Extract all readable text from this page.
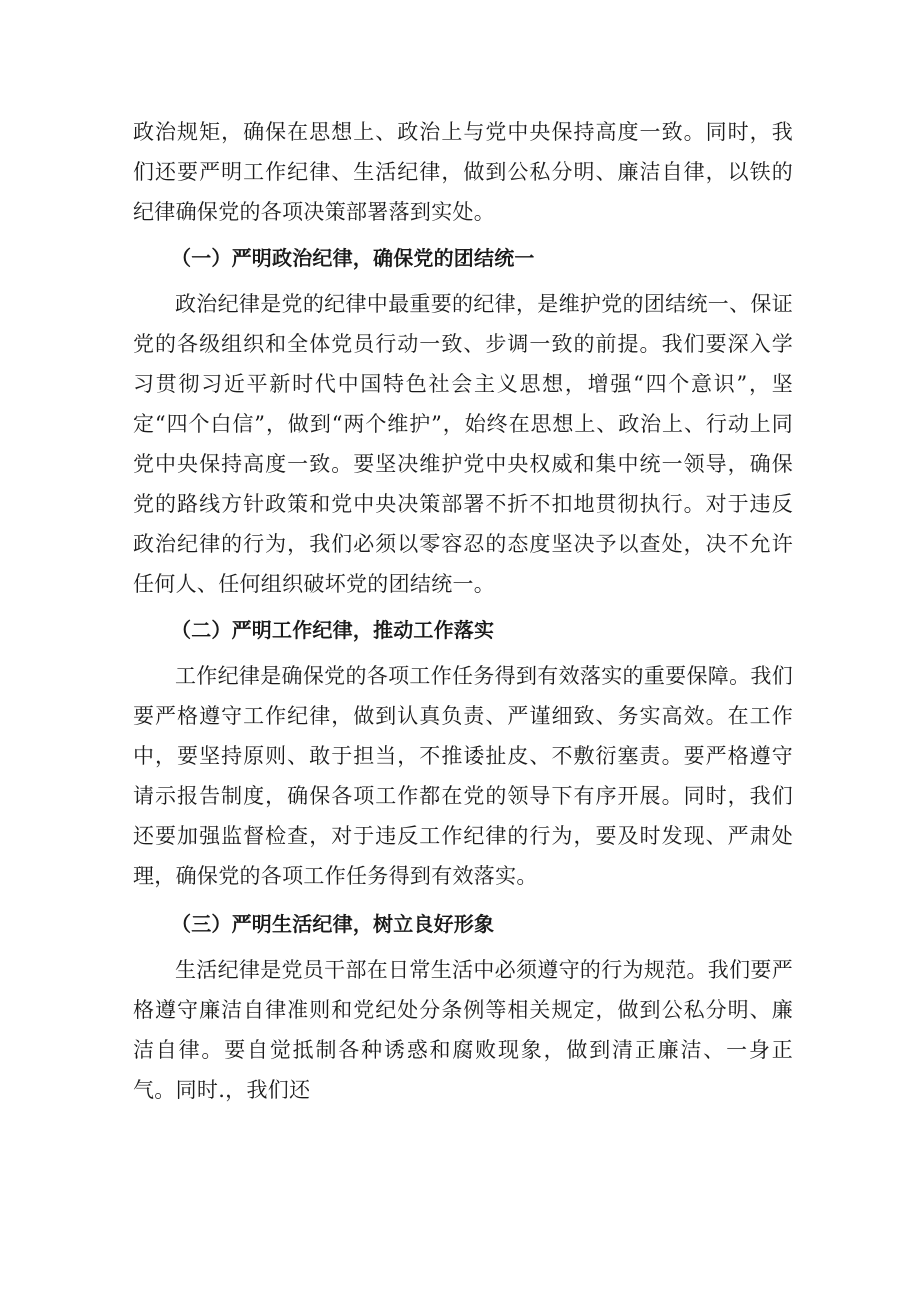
政治规矩，确保在思想上、政治上与党中央保持高度一致。同时，我们还要严明工作纪律、生活纪律，做到公私分明、廉洁自律，以铁的纪律确保党的各项决策部署落到实处。

（一）严明政治纪律，确保党的团结统一

政治纪律是党的纪律中最重要的纪律，是维护党的团结统一、保证党的各级组织和全体党员行动一致、步调一致的前提。我们要深入学习贯彻习近平新时代中国特色社会主义思想，增强“四个意识”，坚定“四个白信”，做到“两个维护”，始终在思想上、政治上、行动上同党中央保持高度一致。要坚决维护党中央权威和集中统一领导，确保党的路线方针政策和党中央决策部署不折不扣地贯彻执行。对于违反政治纪律的行为，我们必须以零容忍的态度坚决予以查处，决不允许任何人、任何组织破坏党的团结统一。

（二）严明工作纪律，推动工作落实

工作纪律是确保党的各项工作任务得到有效落实的重要保障。我们要严格遵守工作纪律，做到认真负责、严谨细致、务实高效。在工作中，要坚持原则、敢于担当，不推诿扯皮、不敷衍塞责。要严格遵守请示报告制度，确保各项工作都在党的领导下有序开展。同时，我们还要加强监督检查，对于违反工作纪律的行为，要及时发现、严肃处理，确保党的各项工作任务得到有效落实。

（三）严明生活纪律，树立良好形象

生活纪律是党员干部在日常生活中必须遵守的行为规范。我们要严格遵守廉洁自律准则和党纪处分条例等相关规定，做到公私分明、廉洁自律。要自觉抵制各种诱惑和腐败现象，做到清正廉洁、一身正气。同时.，我们还
